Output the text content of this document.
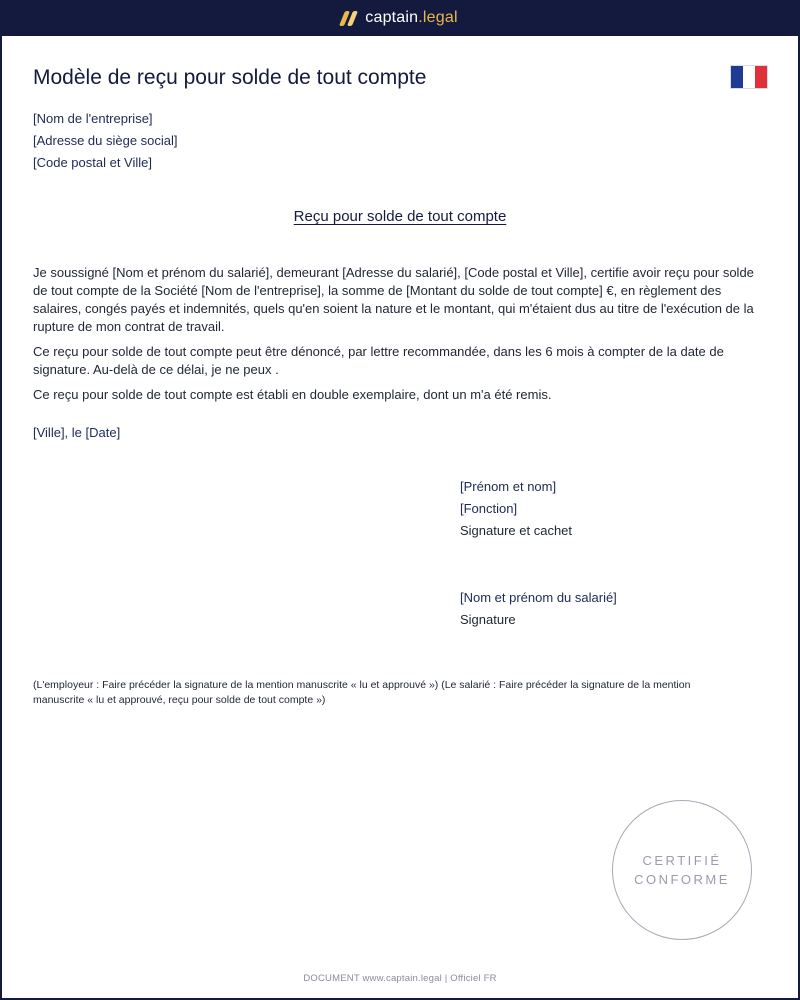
captain.legal
Modèle de reçu pour solde de tout compte
[Nom de l'entreprise]
[Adresse du siège social]
[Code postal et Ville]
Reçu pour solde de tout compte

Je soussigné [Nom et prénom du salarié], demeurant [Adresse du salarié], [Code postal et Ville], certifie avoir reçu pour solde de tout compte de la Société [Nom de l'entreprise], la somme de [Montant du solde de tout compte] €, en règlement des salaires, congés payés et indemnités, quels qu'en soient la nature et le montant, qui m'étaient dus au titre de l'exécution de la rupture de mon contrat de travail.

Ce reçu pour solde de tout compte peut être dénoncé, par lettre recommandée, dans les 6 mois à compter de la date de signature. Au-delà de ce délai, je ne peux .

Ce reçu pour solde de tout compte est établi en double exemplaire, dont un m'a été remis.

[Ville], le [Date]
[Prénom et nom]
[Fonction]
Signature et cachet
[Nom et prénom du salarié]
Signature
(L'employeur : Faire précéder la signature de la mention manuscrite « lu et approuvé ») (Le salarié : Faire précéder la signature de la mention manuscrite « lu et approuvé, reçu pour solde de tout compte »)
CERTIFIÉ
CONFORME
DOCUMENT www.captain.legal | Officiel FR
